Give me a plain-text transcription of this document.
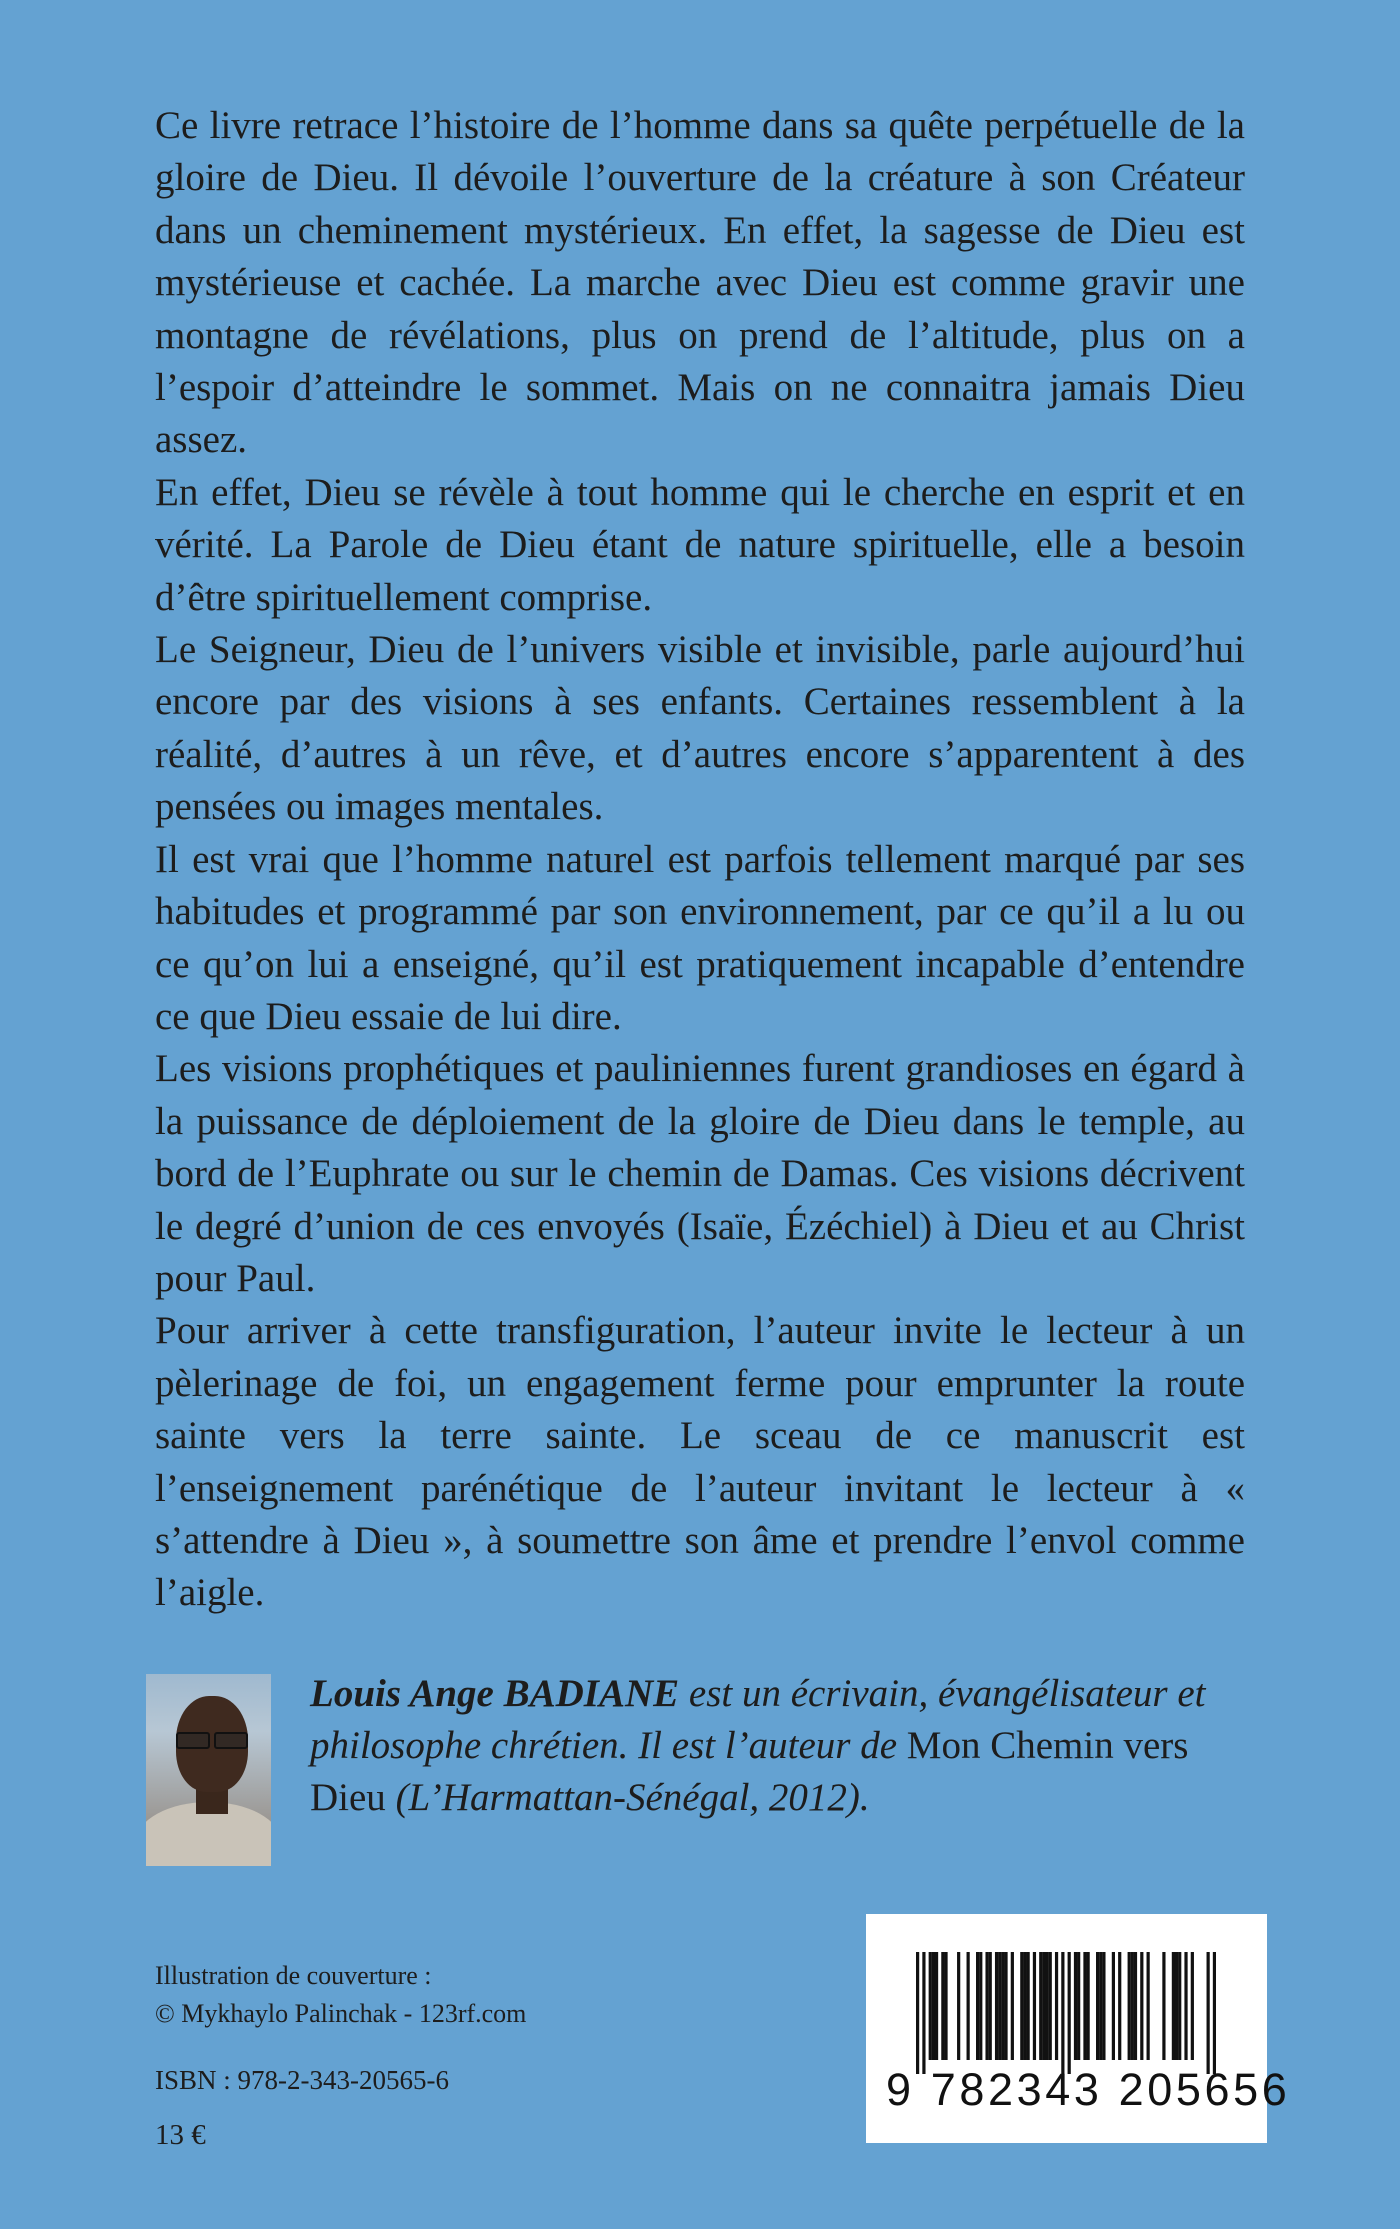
Ce livre retrace l’histoire de l’homme dans sa quête perpétuelle de la gloire de Dieu. Il dévoile l’ouverture de la créature à son Créateur dans un cheminement mystérieux. En effet, la sagesse de Dieu est mystérieuse et cachée. La marche avec Dieu est comme gravir une montagne de révélations, plus on prend de l’altitude, plus on a l’espoir d’atteindre le sommet. Mais on ne connaitra jamais Dieu assez.

En effet, Dieu se révèle à tout homme qui le cherche en esprit et en vérité. La Parole de Dieu étant de nature spirituelle, elle a besoin d’être spirituellement comprise.

Le Seigneur, Dieu de l’univers visible et invisible, parle aujourd’hui encore par des visions à ses enfants. Certaines ressemblent à la réalité, d’autres à un rêve, et d’autres encore s’apparentent à des pensées ou images mentales.

Il est vrai que l’homme naturel est parfois tellement marqué par ses habitudes et programmé par son environnement, par ce qu’il a lu ou ce qu’on lui a enseigné, qu’il est pratiquement incapable d’entendre ce que Dieu essaie de lui dire.

Les visions prophétiques et pauliniennes furent grandioses en égard à la puissance de déploiement de la gloire de Dieu dans le temple, au bord de l’Euphrate ou sur le chemin de Damas. Ces visions décrivent le degré d’union de ces envoyés (Isaïe, Ézéchiel) à Dieu et au Christ pour Paul.

Pour arriver à cette transfiguration, l’auteur invite le lecteur à un pèlerinage de foi, un engagement ferme pour emprunter la route sainte vers la terre sainte. Le sceau de ce manuscrit est l’enseignement parénétique de l’auteur invitant le lecteur à « s’attendre à Dieu », à soumettre son âme et prendre l’envol comme l’aigle.

Louis Ange BADIANE est un écrivain, évangélisateur et philosophe chrétien. Il est l’auteur de Mon Chemin vers Dieu (L’Harmattan-Sénégal, 2012).

Illustration de couverture :

© Mykhaylo Palinchak - 123rf.com

ISBN : 978-2-343-20565-6
13 €
9 782343 205656
